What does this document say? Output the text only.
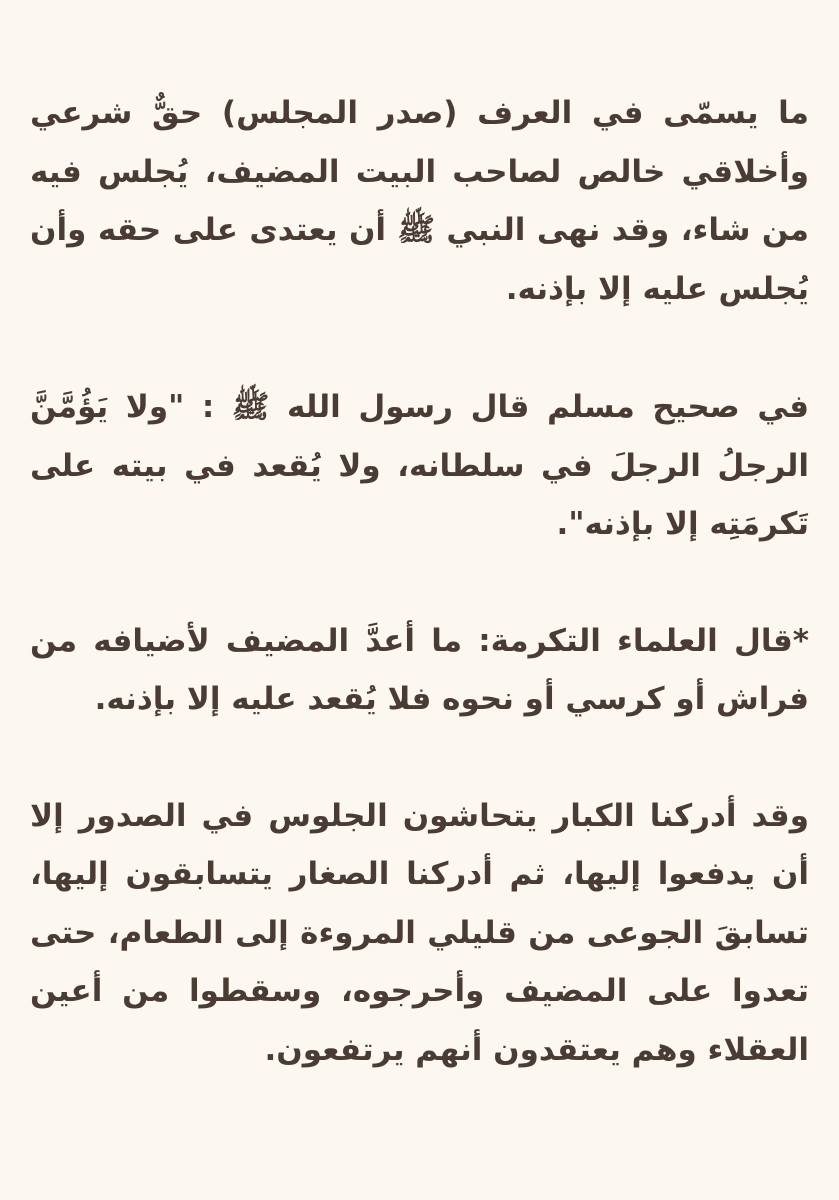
ما يسمّى في العرف (صدر المجلس) حقٌّ شرعي وأخلاقي خالص لصاحب البيت المضيف، يُجلس فيه من شاء، وقد نهى النبي ﷺ أن يعتدى على حقه وأن يُجلس عليه إلا بإذنه.

في صحيح مسلم قال رسول الله ﷺ : "ولا يَؤُمَّنَّ الرجلُ الرجلَ في سلطانه، ولا يُقعد في بيته على تَكرمَتِه إلا بإذنه".

*قال العلماء التكرمة: ما أعدَّ المضيف لأضيافه من فراش أو كرسي أو نحوه فلا يُقعد عليه إلا بإذنه.

وقد أدركنا الكبار يتحاشون الجلوس في الصدور إلا أن يدفعوا إليها، ثم أدركنا الصغار يتسابقون إليها، تسابقَ الجوعى من قليلي المروءة إلى الطعام، حتى تعدوا على المضيف وأحرجوه، وسقطوا من أعين العقلاء وهم يعتقدون أنهم يرتفعون.
